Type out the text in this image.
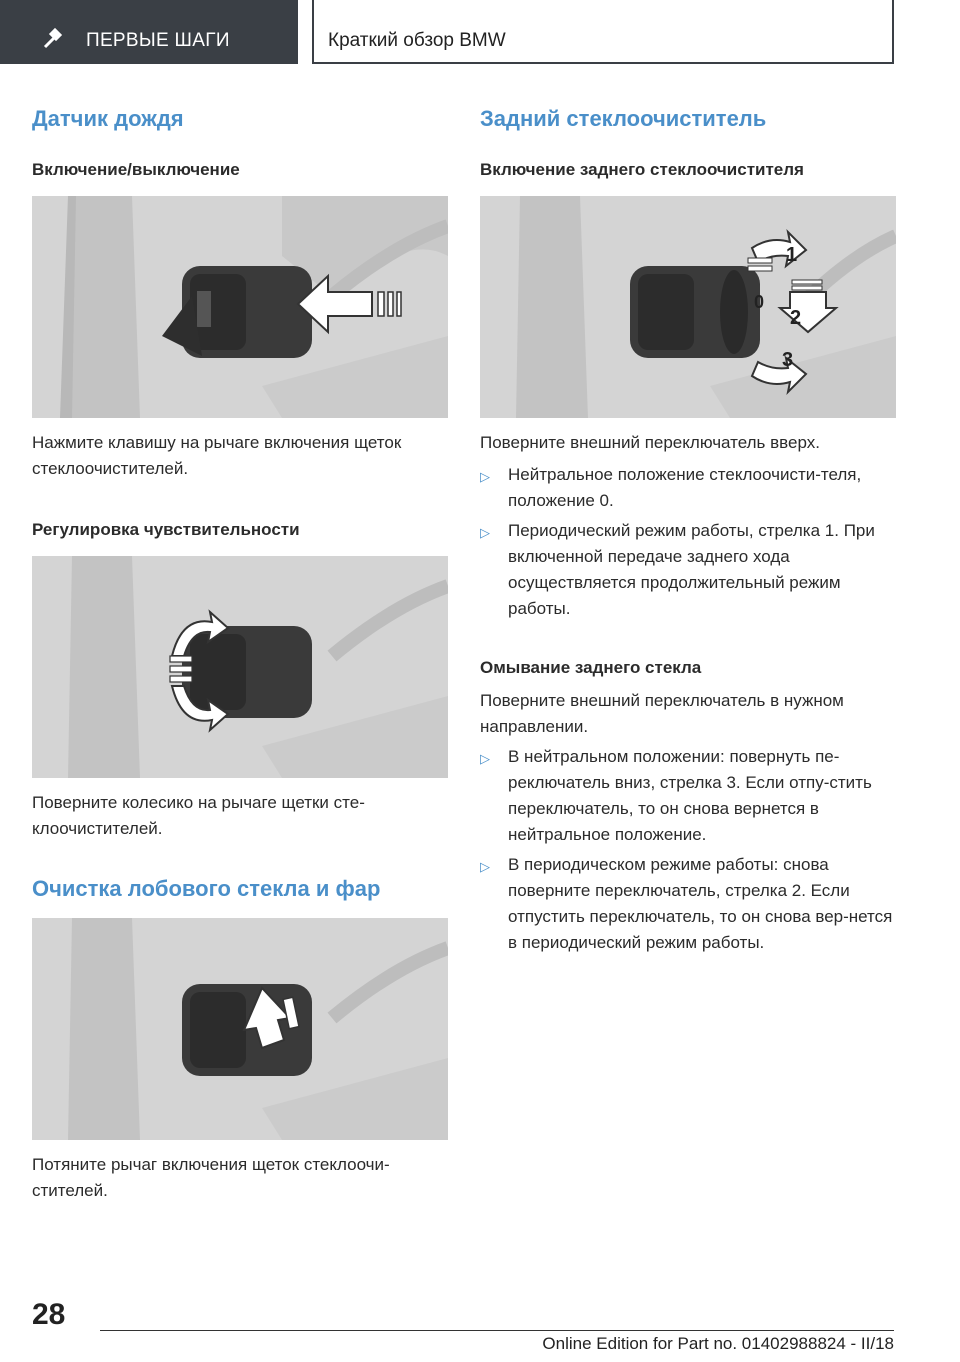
ПЕРВЫЕ ШАГИ	Краткий обзор BMW
Датчик дождя
Включение/выключение

Нажмите клавишу на рычаге включения щеток стеклоочистителей.

Регулировка чувствительности

Поверните колесико на рычаге щетки сте-клоочистителей.

Очистка лобового стекла и фар

Потяните рычаг включения щеток стеклоочи-стителей.

Задний стеклоочиститель
Включение заднего стеклоочистителя
1
0
2
3

Поверните внешний переключатель вверх.

▷ Нейтральное положение стеклоочисти-теля, положение 0.
▷ Периодический режим работы, стрелка 1. При включенной передаче заднего хода осуществляется продолжительный режим работы.
Омывание заднего стекла

Поверните внешний переключатель в нужном направлении.

▷ В нейтральном положении: повернуть пе-реключатель вниз, стрелка 3. Если отпу-стить переключатель, то он снова вернется в нейтральное положение.
▷ В периодическом режиме работы: снова поверните переключатель, стрелка 2. Если отпустить переключатель, то он снова вер-нется в периодический режим работы.
28
Online Edition for Part no. 01402988824 - II/18
